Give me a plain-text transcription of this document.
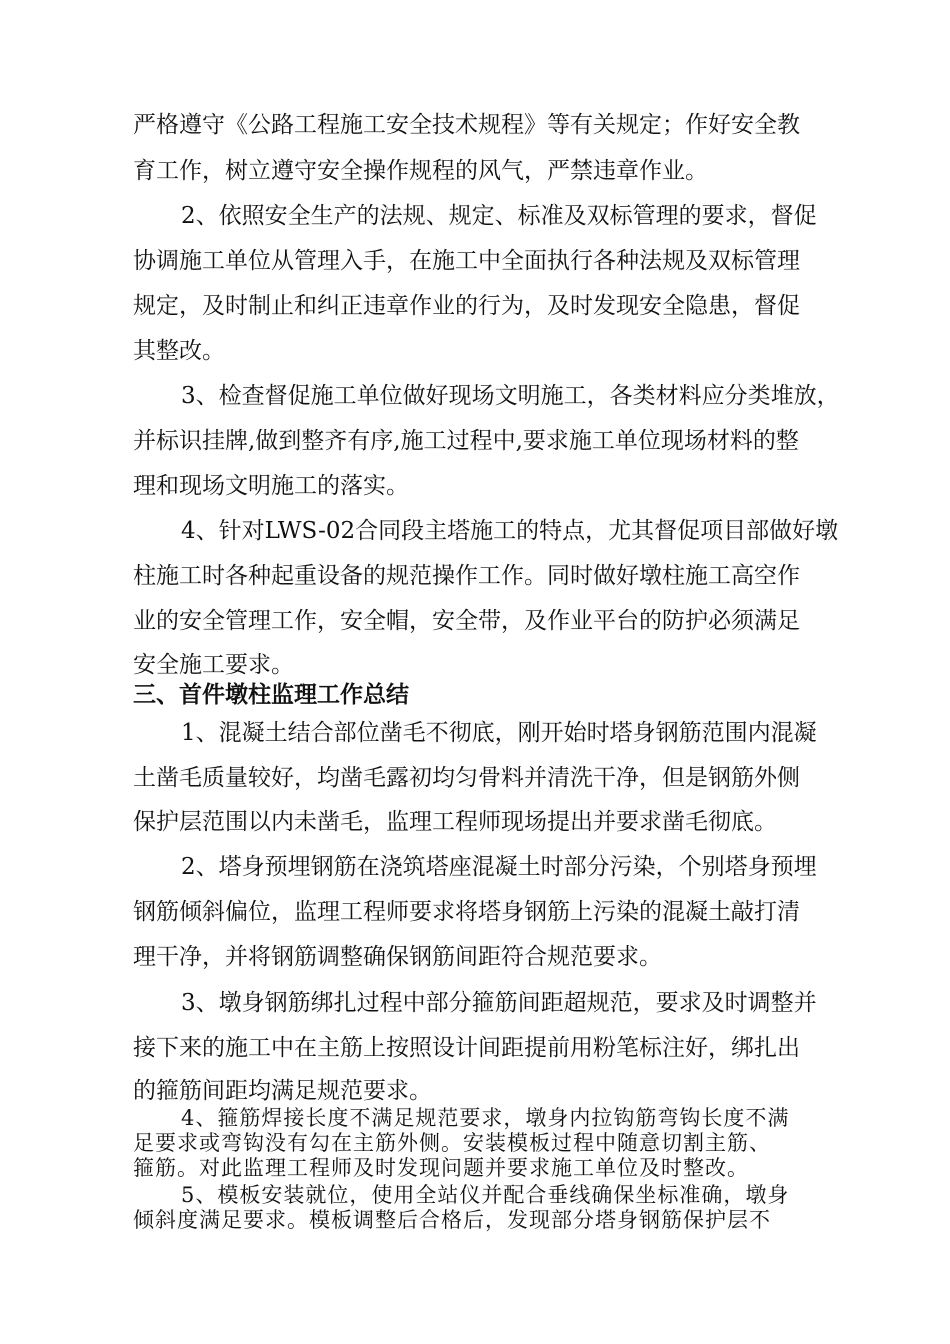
严格遵守《公路工程施工安全技术规程》等有关规定；作好安全教
育工作，树立遵守安全操作规程的风气，严禁违章作业。
2、依照安全生产的法规、规定、标准及双标管理的要求，督促
协调施工单位从管理入手，在施工中全面执行各种法规及双标管理
规定，及时制止和纠正违章作业的行为，及时发现安全隐患，督促
其整改。
3、检查督促施工单位做好现场文明施工，各类材料应分类堆放，
并标识挂牌,做到整齐有序,施工过程中,要求施工单位现场材料的整
理和现场文明施工的落实。
4、针对LWS-02合同段主塔施工的特点，尤其督促项目部做好墩
柱施工时各种起重设备的规范操作工作。同时做好墩柱施工高空作
业的安全管理工作，安全帽，安全带，及作业平台的防护必须满足
安全施工要求。
三、首件墩柱监理工作总结
1、混凝土结合部位凿毛不彻底，刚开始时塔身钢筋范围内混凝
土凿毛质量较好，均凿毛露初均匀骨料并清洗干净，但是钢筋外侧
保护层范围以内未凿毛，监理工程师现场提出并要求凿毛彻底。
2、塔身预埋钢筋在浇筑塔座混凝土时部分污染，个别塔身预埋
钢筋倾斜偏位，监理工程师要求将塔身钢筋上污染的混凝土敲打清
理干净，并将钢筋调整确保钢筋间距符合规范要求。
3、墩身钢筋绑扎过程中部分箍筋间距超规范，要求及时调整并
接下来的施工中在主筋上按照设计间距提前用粉笔标注好，绑扎出
的箍筋间距均满足规范要求。
4、箍筋焊接长度不满足规范要求，墩身内拉钩筋弯钩长度不满
足要求或弯钩没有勾在主筋外侧。安装模板过程中随意切割主筋、
箍筋。对此监理工程师及时发现问题并要求施工单位及时整改。
5、模板安装就位，使用全站仪并配合垂线确保坐标准确，墩身
倾斜度满足要求。模板调整后合格后，发现部分塔身钢筋保护层不
